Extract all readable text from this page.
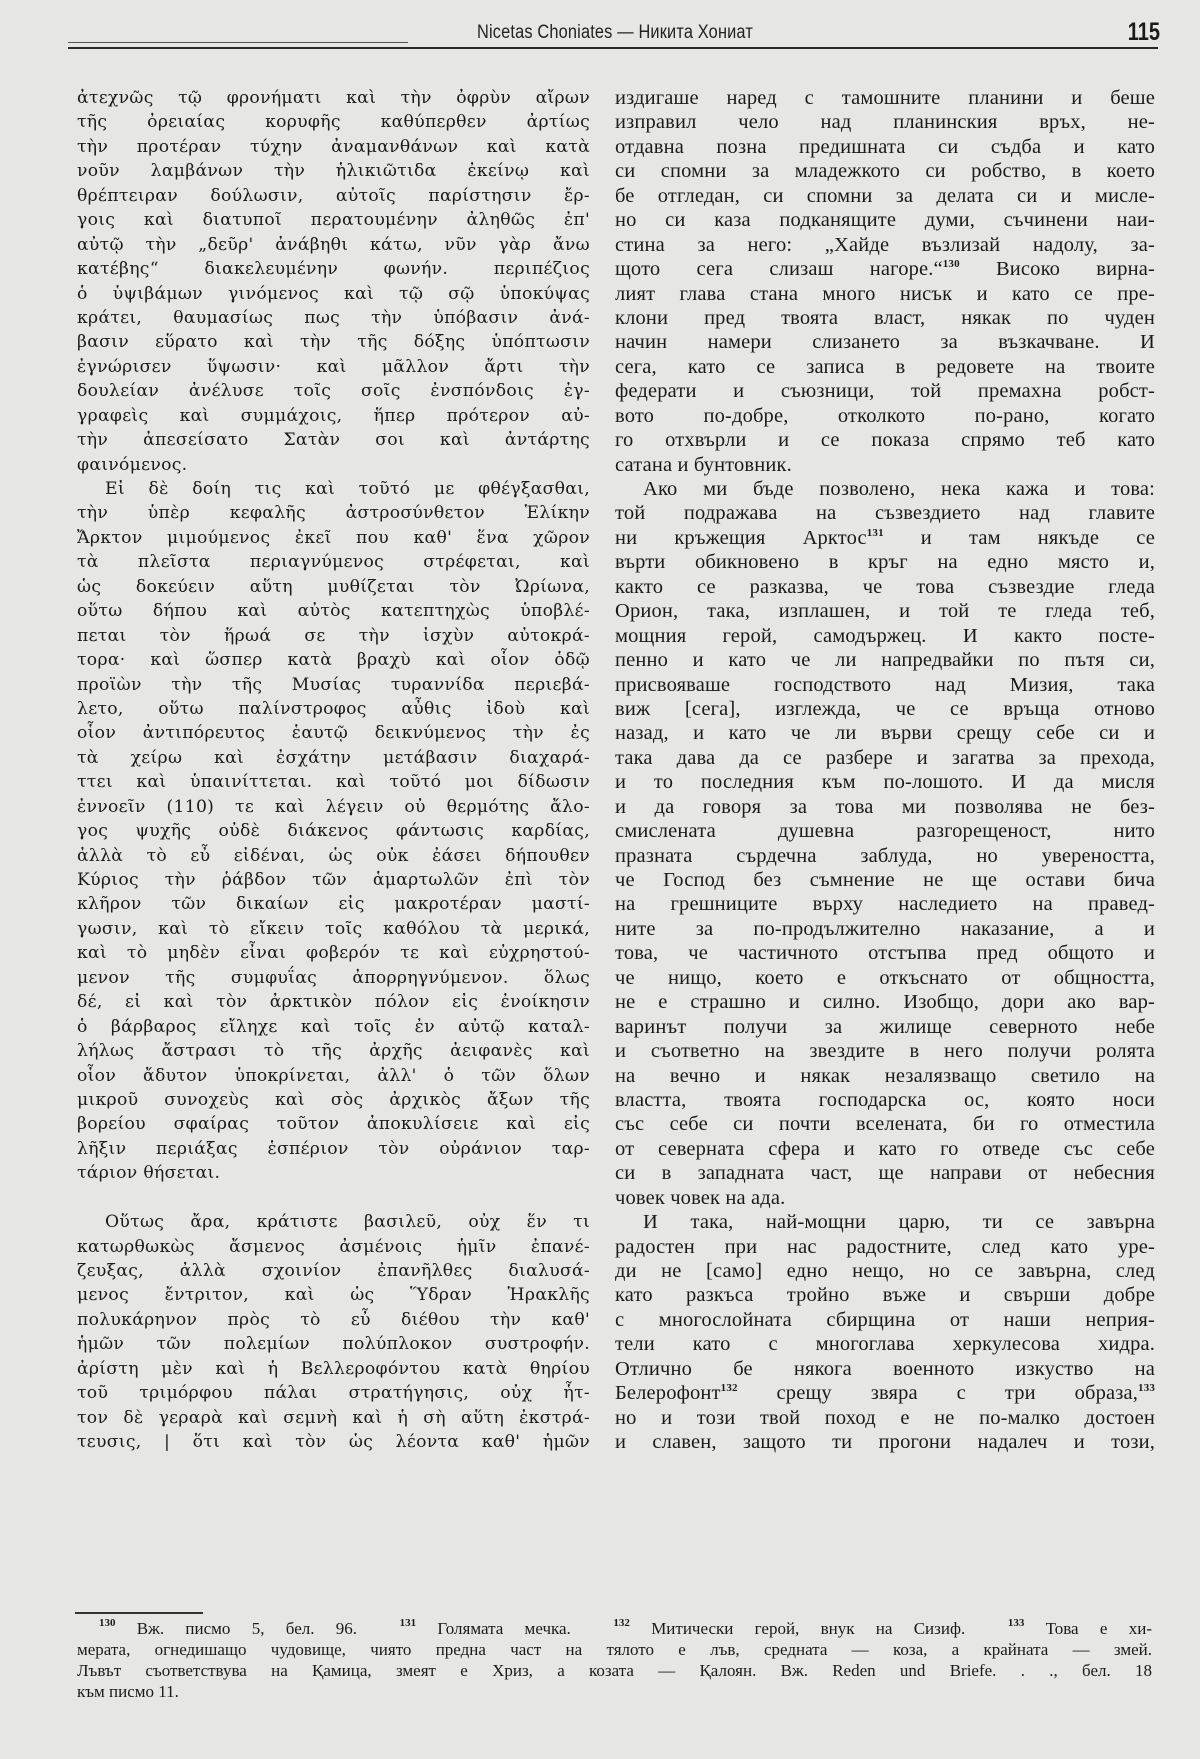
Nicetas Choniates — Никита Хониат	115
ἀτεχνῶς τῷ φρονήματι καὶ τὴν ὀφρὺν αἴρων
τῆς ὀρειαίας κορυφῆς καθύπερθεν ἀρτίως
τὴν προτέραν τύχην ἀναμανθάνων καὶ κατὰ
νοῦν λαμβάνων τὴν ἡλικιῶτιδα ἐκείνῳ καὶ
θρέπτειραν δούλωσιν, αὐτοῖς παρίστησιν ἔρ-
γοις καὶ διατυποῖ περατουμένην ἀληθῶς ἐπ'
αὐτῷ τὴν „δεῦρ' ἀνάβηθι κάτω, νῦν γὰρ ἄνω
κατέβης“ διακελευμένην φωνήν. περιπέζιος
ὁ ὑψιβάμων γινόμενος καὶ τῷ σῷ ὑποκύψας
κράτει, θαυμασίως πως τὴν ὑπόβασιν ἀνά-
βασιν εὕρατο καὶ τὴν τῆς δόξης ὑπόπτωσιν
ἐγνώρισεν ὕψωσιν· καὶ μᾶλλον ἄρτι τὴν
δουλείαν ἀνέλυσε τοῖς σοῖς ἐνσπόνδοις ἐγ-
γραφεὶς καὶ συμμάχοις, ἥπερ πρότερον αὐ-
τὴν ἀπεσείσατο Σατὰν σοι καὶ ἀντάρτης
φαινόμενος.
Εἰ δὲ δοίη τις καὶ τοῦτό με φθέγξασθαι,
τὴν ὑπὲρ κεφαλῆς ἀστροσύνθετον Ἑλίκην
Ἄρκτον μιμούμενος ἐκεῖ που καθ' ἕνα χῶρον
τὰ πλεῖστα περιαγνύμενος στρέφεται, καὶ
ὡς δοκεύειν αὕτη μυθίζεται τὸν Ὠρίωνα,
οὕτω δήπου καὶ αὐτὸς κατεπτηχὼς ὑποβλέ-
πεται τὸν ἥρωά σε τὴν ἰσχὺν αὐτοκρά-
τορα· καὶ ὥσπερ κατὰ βραχὺ καὶ οἷον ὁδῷ
προϊὼν τὴν τῆς Μυσίας τυραννίδα περιεβά-
λετο, οὕτω παλίνστροφος αὖθις ἰδοὺ καὶ
οἷον ἀντιπόρευτος ἑαυτῷ δεικνύμενος τὴν ἐς
τὰ χείρω καὶ ἐσχάτην μετάβασιν διαχαρά-
ττει καὶ ὑπαινίττεται. καὶ τοῦτό μοι δίδωσιν
ἐννοεῖν (110) τε καὶ λέγειν οὐ θερμότης ἄλο-
γος ψυχῆς οὐδὲ διάκενος φάντωσις καρδίας,
ἀλλὰ τὸ εὖ εἰδέναι, ὡς οὐκ ἐάσει δήπουθεν
Κύριος τὴν ῥάβδον τῶν ἁμαρτωλῶν ἐπὶ τὸν
κλῆρον τῶν δικαίων εἰς μακροτέραν μαστί-
γωσιν, καὶ τὸ εἴκειν τοῖς καθόλου τὰ μερικά,
καὶ τὸ μηδὲν εἶναι φοβερόν τε καὶ εὐχρηστού-
μενον τῆς συμφυΐας ἀπορρηγνύμενον. ὅλως
δέ, εἰ καὶ τὸν ἀρκτικὸν πόλον εἰς ἐνοίκησιν
ὁ βάρβαρος εἴληχε καὶ τοῖς ἐν αὐτῷ καταλ-
λήλως ἄστρασι τὸ τῆς ἀρχῆς ἀειφανὲς καὶ
οἷον ἄδυτον ὑποκρίνεται, ἀλλ' ὁ τῶν ὅλων
μικροῦ συνοχεὺς καὶ σὸς ἀρχικὸς ἄξων τῆς
βορείου σφαίρας τοῦτον ἀποκυλίσειε καὶ εἰς
λῆξιν περιάξας ἑσπέριον τὸν οὐράνιον ταρ-
τάριον θήσεται.
Οὕτως ἄρα, κράτιστε βασιλεῦ, οὐχ ἕν τι
κατωρθωκὼς ἄσμενος ἀσμένοις ἡμῖν ἐπανέ-
ζευξας, ἀλλὰ σχοινίον ἐπανῆλθες διαλυσά-
μενος ἔντριτον, καὶ ὡς Ὕδραν Ἡρακλῆς
πολυκάρηνον πρὸς τὸ εὖ διέθου τὴν καθ'
ἡμῶν τῶν πολεμίων πολύπλοκον συστροφήν.
ἀρίστη μὲν καὶ ἡ Βελλεροφόντου κατὰ θηρίου
τοῦ τριμόρφου πάλαι στρατήγησις, οὐχ ἧτ-
τον δὲ γεραρὰ καὶ σεμνὴ καὶ ἡ σὴ αὕτη ἐκστρά-
τευσις, | ὅτι καὶ τὸν ὡς λέοντα καθ' ἡμῶν
издигаше наред с тамошните планини и беше
изправил чело над планинския връх, не-
отдавна позна предишната си съдба и като
си спомни за младежкото си робство, в което
бе отгледан, си спомни за делата си и мисле-
но си каза подканящите думи, съчинени наи-
стина за него: „Хайде възлизай надолу, за-
щото сега слизаш нагоре.“$^{130}$ Високо вирна-
лият глава стана много нисък и като се пре-
клони пред твоята власт, някак по чуден
начин намери слизането за възкачване. И
сега, като се записа в редовете на твоите
федерати и съюзници, той премахна робст-
вото по-добре, отколкото по-рано, когато
го отхвърли и се показа спрямо теб като
сатана и бунтовник.
Ако ми бъде позволено, нека кажа и това:
той подражава на съзвездието над главите
ни кръжещия Арктос$^{131}$ и там някъде се
върти обикновено в кръг на едно място и,
както се разказва, че това съзвездие гледа
Орион, така, изплашен, и той те гледа теб,
мощния герой, самодържец. И както посте-
пенно и като че ли напредвайки по пътя си,
присвояваше господството над Мизия, така
виж [сега], изглежда, че се връща отново
назад, и като че ли върви срещу себе си и
така дава да се разбере и загатва за прехода,
и то последния към по-лошото. И да мисля
и да говоря за това ми позволява не без-
смислената душевна разгорещеност, нито
празната сърдечна заблуда, но увереността,
че Господ без съмнение не ще остави бича
на грешниците върху наследието на правед-
ните за по-продължително наказание, а и
това, че частичното отстъпва пред общото и
че нищо, което е откъснато от общността,
не е страшно и силно. Изобщо, дори ако вар-
варинът получи за жилище северното небе
и съответно на звездите в него получи ролята
на вечно и някак незалязващо светило на
властта, твоята господарска ос, която носи
със себе си почти вселената, би го отместила
от северната сфера и като го отведе със себе
си в западната част, ще направи от небесния
човек човек на ада.
И така, най-мощни царю, ти се завърна
радостен при нас радостните, след като уре-
ди не [само] едно нещо, но се завърна, след
като разкъса тройно въже и свърши добре
с многослойната сбирщина от наши неприя-
тели като с многоглава херкулесова хидра.
Отлично бе някога военното изкуство на
Белерофонт$^{132}$ срещу звяра с три образа,$^{133}$
но и този твой поход е не по-малко достоен
и славен, защото ти прогони надалеч и този,
$^{130}$ Вж. писмо 5, бел. 96.  $^{131}$ Голямата мечка.  $^{132}$ Митически герой, внук на Сизиф.  $^{133}$ Това е хи-
мерата, огнедишащо чудовище, чиято предна част на тялото е лъв, средната — коза, а крайната — змей.
Лъвът съответствува на Қамица, змеят е Хриз, а козата — Қалоян. Вж. Reden und Briefe. . ., бел. 18
към писмо 11.
